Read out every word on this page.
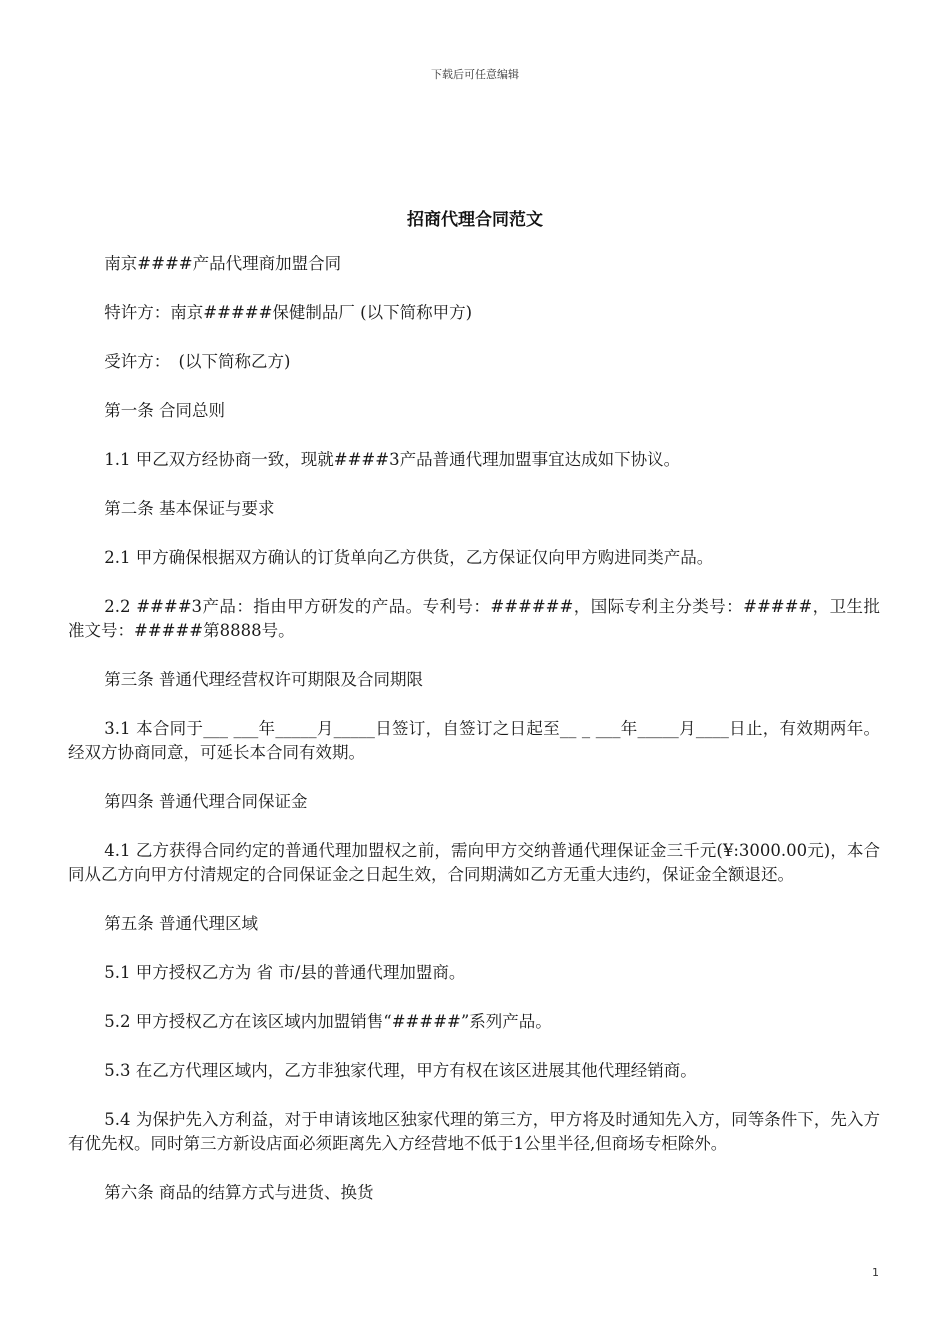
下载后可任意编辑
招商代理合同范文

南京####产品代理商加盟合同

特许方：南京#####保健制品厂 (以下简称甲方)

受许方：　(以下简称乙方)

第一条 合同总则

1.1 甲乙双方经协商一致，现就####3产品普通代理加盟事宜达成如下协议。

第二条 基本保证与要求

2.1 甲方确保根据双方确认的订货单向乙方供货，乙方保证仅向甲方购进同类产品。

2.2 ####3产品：指由甲方研发的产品。专利号：######，国际专利主分类号：#####，卫生批准文号：#####第8888号。

第三条 普通代理经营权许可期限及合同期限

3.1 本合同于___ ___年_____月_____日签订，自签订之日起至__ _ ___年_____月____日止，有效期两年。经双方协商同意，可延长本合同有效期。

第四条 普通代理合同保证金

4.1 乙方获得合同约定的普通代理加盟权之前，需向甲方交纳普通代理保证金三千元(¥:3000.00元)，本合同从乙方向甲方付清规定的合同保证金之日起生效，合同期满如乙方无重大违约，保证金全额退还。

第五条 普通代理区域

5.1 甲方授权乙方为 省 市/县的普通代理加盟商。

5.2 甲方授权乙方在该区域内加盟销售“#####”系列产品。

5.3 在乙方代理区域内，乙方非独家代理，甲方有权在该区进展其他代理经销商。

5.4 为保护先入方利益，对于申请该地区独家代理的第三方，甲方将及时通知先入方，同等条件下，先入方有优先权。同时第三方新设店面必须距离先入方经营地不低于1公里半径,但商场专柜除外。

第六条 商品的结算方式与进货、换货

1
